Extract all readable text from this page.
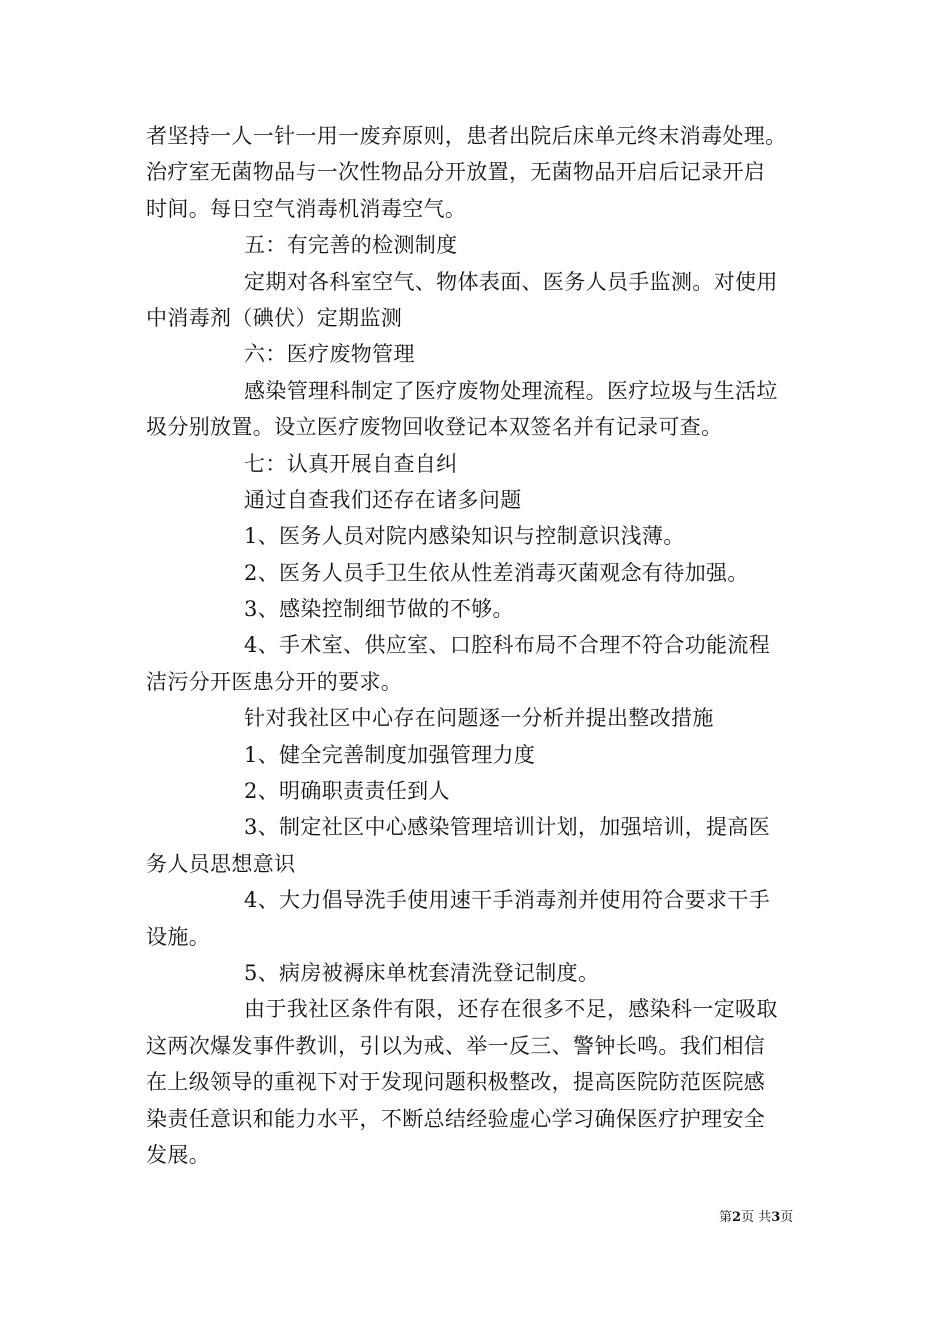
者坚持一人一针一用一废弃原则，患者出院后床单元终末消毒处理。
治疗室无菌物品与一次性物品分开放置，无菌物品开启后记录开启
时间。每日空气消毒机消毒空气。
五：有完善的检测制度
定期对各科室空气、物体表面、医务人员手监测。对使用
中消毒剂（碘伏）定期监测
六：医疗废物管理
感染管理科制定了医疗废物处理流程。医疗垃圾与生活垃
圾分别放置。设立医疗废物回收登记本双签名并有记录可查。
七：认真开展自查自纠
通过自查我们还存在诸多问题
1、医务人员对院内感染知识与控制意识浅薄。
2、医务人员手卫生依从性差消毒灭菌观念有待加强。
3、感染控制细节做的不够。
4、手术室、供应室、口腔科布局不合理不符合功能流程
洁污分开医患分开的要求。
针对我社区中心存在问题逐一分析并提出整改措施
1、健全完善制度加强管理力度
2、明确职责责任到人
3、制定社区中心感染管理培训计划，加强培训，提高医
务人员思想意识
4、大力倡导洗手使用速干手消毒剂并使用符合要求干手
设施。
5、病房被褥床单枕套清洗登记制度。
由于我社区条件有限，还存在很多不足，感染科一定吸取
这两次爆发事件教训，引以为戒、举一反三、警钟长鸣。我们相信
在上级领导的重视下对于发现问题积极整改，提高医院防范医院感
染责任意识和能力水平，不断总结经验虚心学习确保医疗护理安全
发展。
第2页 共3页
